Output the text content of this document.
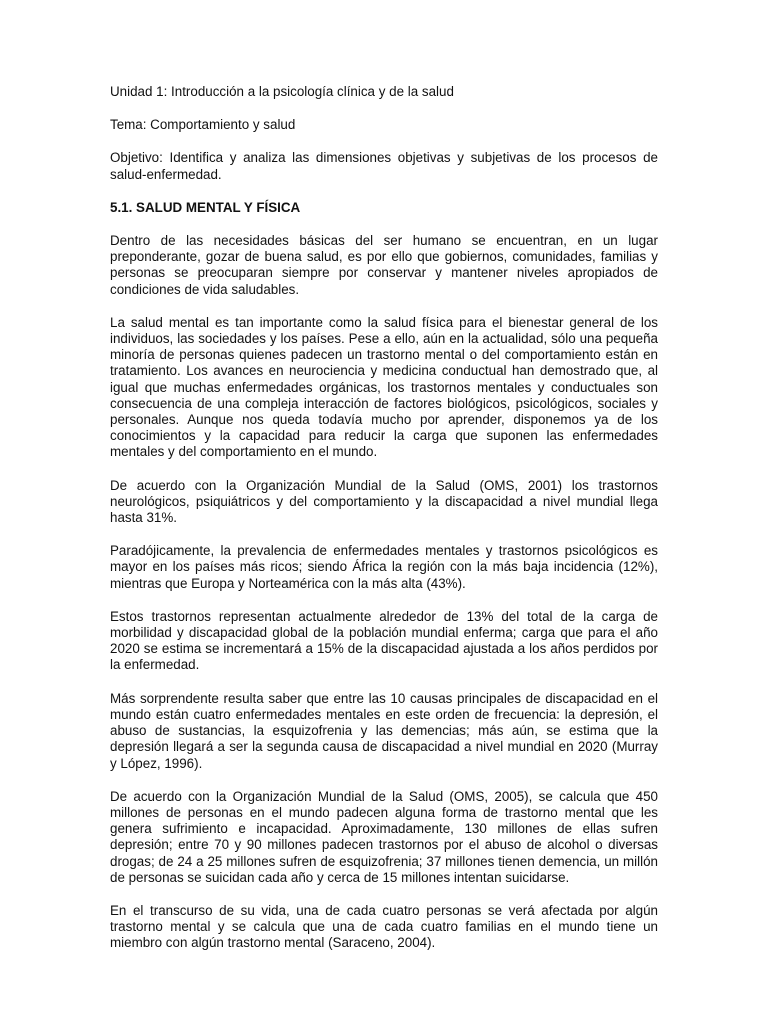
Unidad 1: Introducción a la psicología clínica y de la salud
Tema: Comportamiento y salud

Objetivo: Identifica y analiza las dimensiones objetivas y subjetivas de los procesos de salud-enfermedad.

5.1. SALUD MENTAL Y FÍSICA

Dentro de las necesidades básicas del ser humano se encuentran, en un lugar preponderante, gozar de buena salud, es por ello que gobiernos, comunidades, familias y personas se preocuparan siempre por conservar y mantener niveles apropiados de condiciones de vida saludables.

La salud mental es tan importante como la salud física para el bienestar general de los individuos, las sociedades y los países. Pese a ello, aún en la actualidad, sólo una pequeña minoría de personas quienes padecen un trastorno mental o del comportamiento están en tratamiento. Los avances en neurociencia y medicina conductual han demostrado que, al igual que muchas enfermedades orgánicas, los trastornos mentales y conductuales son consecuencia de una compleja interacción de factores biológicos, psicológicos, sociales y personales. Aunque nos queda todavía mucho por aprender, disponemos ya de los conocimientos y la capacidad para reducir la carga que suponen las enfermedades mentales y del comportamiento en el mundo.

De acuerdo con la Organización Mundial de la Salud (OMS, 2001) los trastornos neurológicos, psiquiátricos y del comportamiento y la discapacidad a nivel mundial llega hasta 31%.

Paradójicamente, la prevalencia de enfermedades mentales y trastornos psicológicos es mayor en los países más ricos; siendo África la región con la más baja incidencia (12%), mientras que Europa y Norteamérica con la más alta (43%).

Estos trastornos representan actualmente alrededor de 13% del total de la carga de morbilidad y discapacidad global de la población mundial enferma; carga que para el año 2020 se estima se incrementará a 15% de la discapacidad ajustada a los años perdidos por la enfermedad.

Más sorprendente resulta saber que entre las 10 causas principales de discapacidad en el mundo están cuatro enfermedades mentales en este orden de frecuencia: la depresión, el abuso de sustancias, la esquizofrenia y las demencias; más aún, se estima que la depresión llegará a ser la segunda causa de discapacidad a nivel mundial en 2020 (Murray y López, 1996).

De acuerdo con la Organización Mundial de la Salud (OMS, 2005), se calcula que 450 millones de personas en el mundo padecen alguna forma de trastorno mental que les genera sufrimiento e incapacidad. Aproximadamente, 130 millones de ellas sufren depresión; entre 70 y 90 millones padecen trastornos por el abuso de alcohol o diversas drogas; de 24 a 25 millones sufren de esquizofrenia; 37 millones tienen demencia, un millón de personas se suicidan cada año y cerca de 15 millones intentan suicidarse.

En el transcurso de su vida, una de cada cuatro personas se verá afectada por algún trastorno mental y se calcula que una de cada cuatro familias en el mundo tiene un miembro con algún trastorno mental (Saraceno, 2004).
